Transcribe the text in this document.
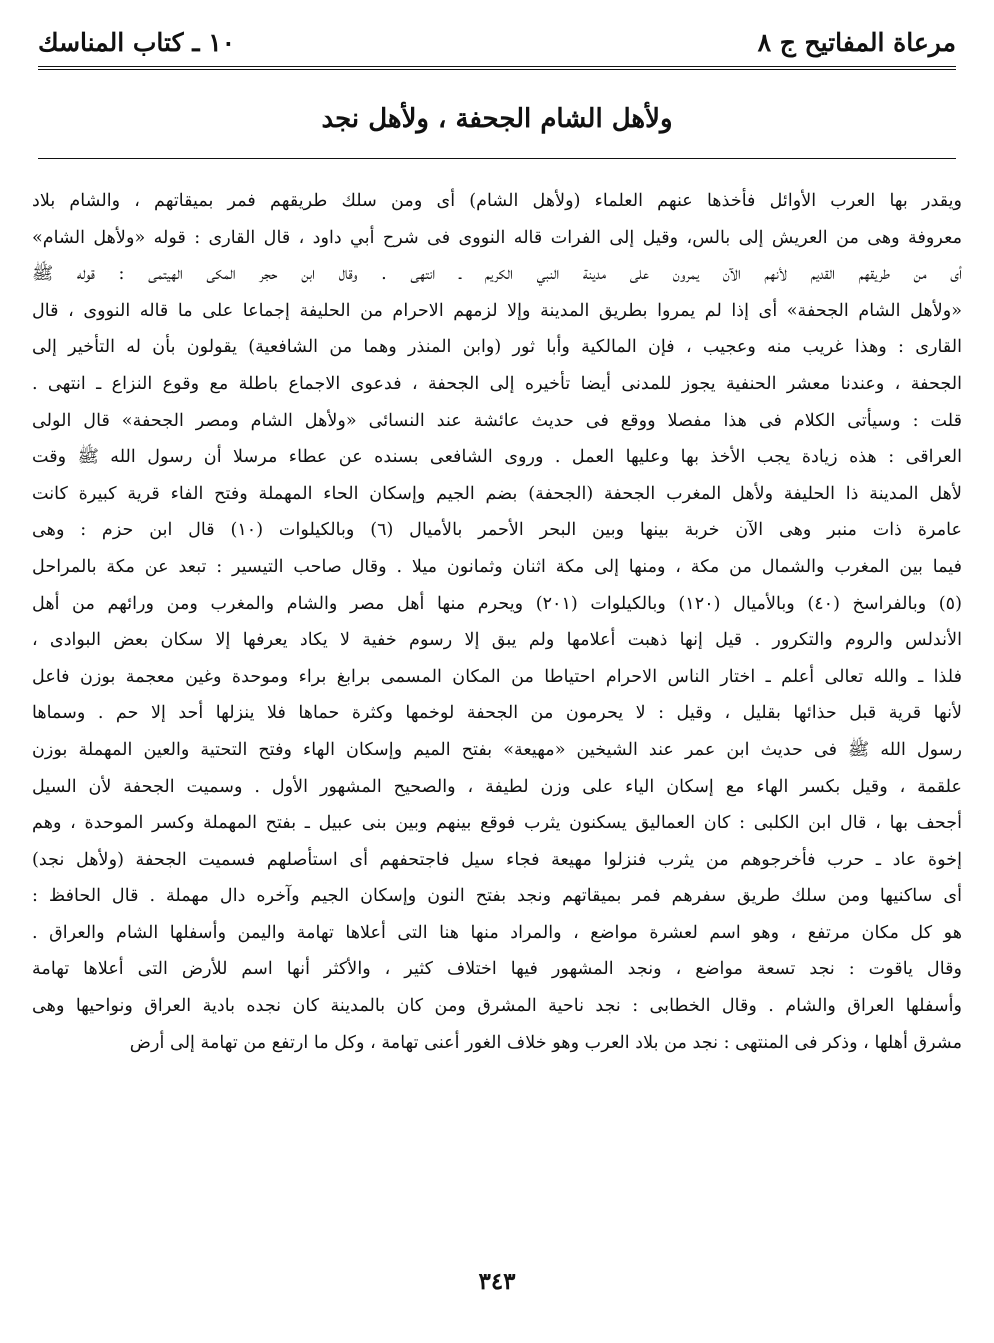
مرعاة المفاتيح ج ٨
١٠ ـ كتاب المناسك
ولأهل الشام الجحفة ، ولأهل نجد
ويقدر بها العرب الأوائل فأخذها عنهم العلماء (ولأهل الشام) أى ومن سلك طريقهم فمر بميقاتهم ، والشام بلاد
معروفة وهى من العريش إلى بالس، وقيل إلى الفرات قاله النووى فى شرح أبي داود ، قال القارى : قوله «ولأهل الشام»
أى من طريقهم القديم لأنهم الآن يمرون على مدينة النبي الكريم ـ انتهى . وقال ابن حجر المكى الهيتمى : قوله ﷺ
«ولأهل الشام الجحفة» أى إذا لم يمروا بطريق المدينة وإلا لزمهم الاحرام من الحليفة إجماعا على ما قاله النووى ، قال
القارى : وهذا غريب منه وعجيب ، فإن المالكية وأبا ثور (وابن المنذر وهما من الشافعية) يقولون بأن له التأخير إلى
الجحفة ، وعندنا معشر الحنفية يجوز للمدنى أيضا تأخيره إلى الجحفة ، فدعوى الاجماع باطلة مع وقوع النزاع ـ انتهى .
قلت : وسيأتى الكلام فى هذا مفصلا ووقع فى حديث عائشة عند النسائى «ولأهل الشام ومصر الجحفة» قال الولى
العراقى : هذه زيادة يجب الأخذ بها وعليها العمل . وروى الشافعى بسنده عن عطاء مرسلا أن رسول الله ﷺ وقت
لأهل المدينة ذا الحليفة ولأهل المغرب الجحفة (الجحفة) بضم الجيم وإسكان الحاء المهملة وفتح الفاء قرية كبيرة كانت
عامرة ذات منبر وهى الآن خربة بينها وبين البحر الأحمر بالأميال (٦) وبالكيلوات (١٠) قال ابن حزم : وهى
فيما بين المغرب والشمال من مكة ، ومنها إلى مكة اثنان وثمانون ميلا . وقال صاحب التيسير : تبعد عن مكة بالمراحل
(٥) وبالفراسخ (٤٠) وبالأميال (١٢٠) وبالكيلوات (٢٠١) ويحرم منها أهل مصر والشام والمغرب ومن ورائهم من أهل
الأندلس والروم والتكرور . قيل إنها ذهبت أعلامها ولم يبق إلا رسوم خفية لا يكاد يعرفها إلا سكان بعض البوادى ،
فلذا ـ والله تعالى أعلم ـ اختار الناس الاحرام احتياطا من المكان المسمى برابغ براء وموحدة وغين معجمة بوزن فاعل
لأنها قرية قبل حذائها بقليل ، وقيل : لا يحرمون من الجحفة لوخمها وكثرة حماها فلا ينزلها أحد إلا حم . وسماها
رسول الله ﷺ فى حديث ابن عمر عند الشيخين «مهيعة» بفتح الميم وإسكان الهاء وفتح التحتية والعين المهملة بوزن
علقمة ، وقيل بكسر الهاء مع إسكان الياء على وزن لطيفة ، والصحيح المشهور الأول . وسميت الجحفة لأن السيل
أجحف بها ، قال ابن الكلبى : كان العماليق يسكنون يثرب فوقع بينهم وبين بنى عبيل ـ بفتح المهملة وكسر الموحدة ، وهم
إخوة عاد ـ حرب فأخرجوهم من يثرب فنزلوا مهيعة فجاء سيل فاجتحفهم أى استأصلهم فسميت الجحفة (ولأهل نجد)
أى ساكنيها ومن سلك طريق سفرهم فمر بميقاتهم ونجد بفتح النون وإسكان الجيم وآخره دال مهملة . قال الحافظ :
هو كل مكان مرتفع ، وهو اسم لعشرة مواضع ، والمراد منها هنا التى أعلاها تهامة واليمن وأسفلها الشام والعراق .
وقال ياقوت : نجد تسعة مواضع ، ونجد المشهور فيها اختلاف كثير ، والأكثر أنها اسم للأرض التى أعلاها تهامة
وأسفلها العراق والشام . وقال الخطابى : نجد ناحية المشرق ومن كان بالمدينة كان نجده بادية العراق ونواحيها وهى
مشرق أهلها ، وذكر فى المنتهى : نجد من بلاد العرب وهو خلاف الغور أعنى تهامة ، وكل ما ارتفع من تهامة إلى أرض
٣٤٣
